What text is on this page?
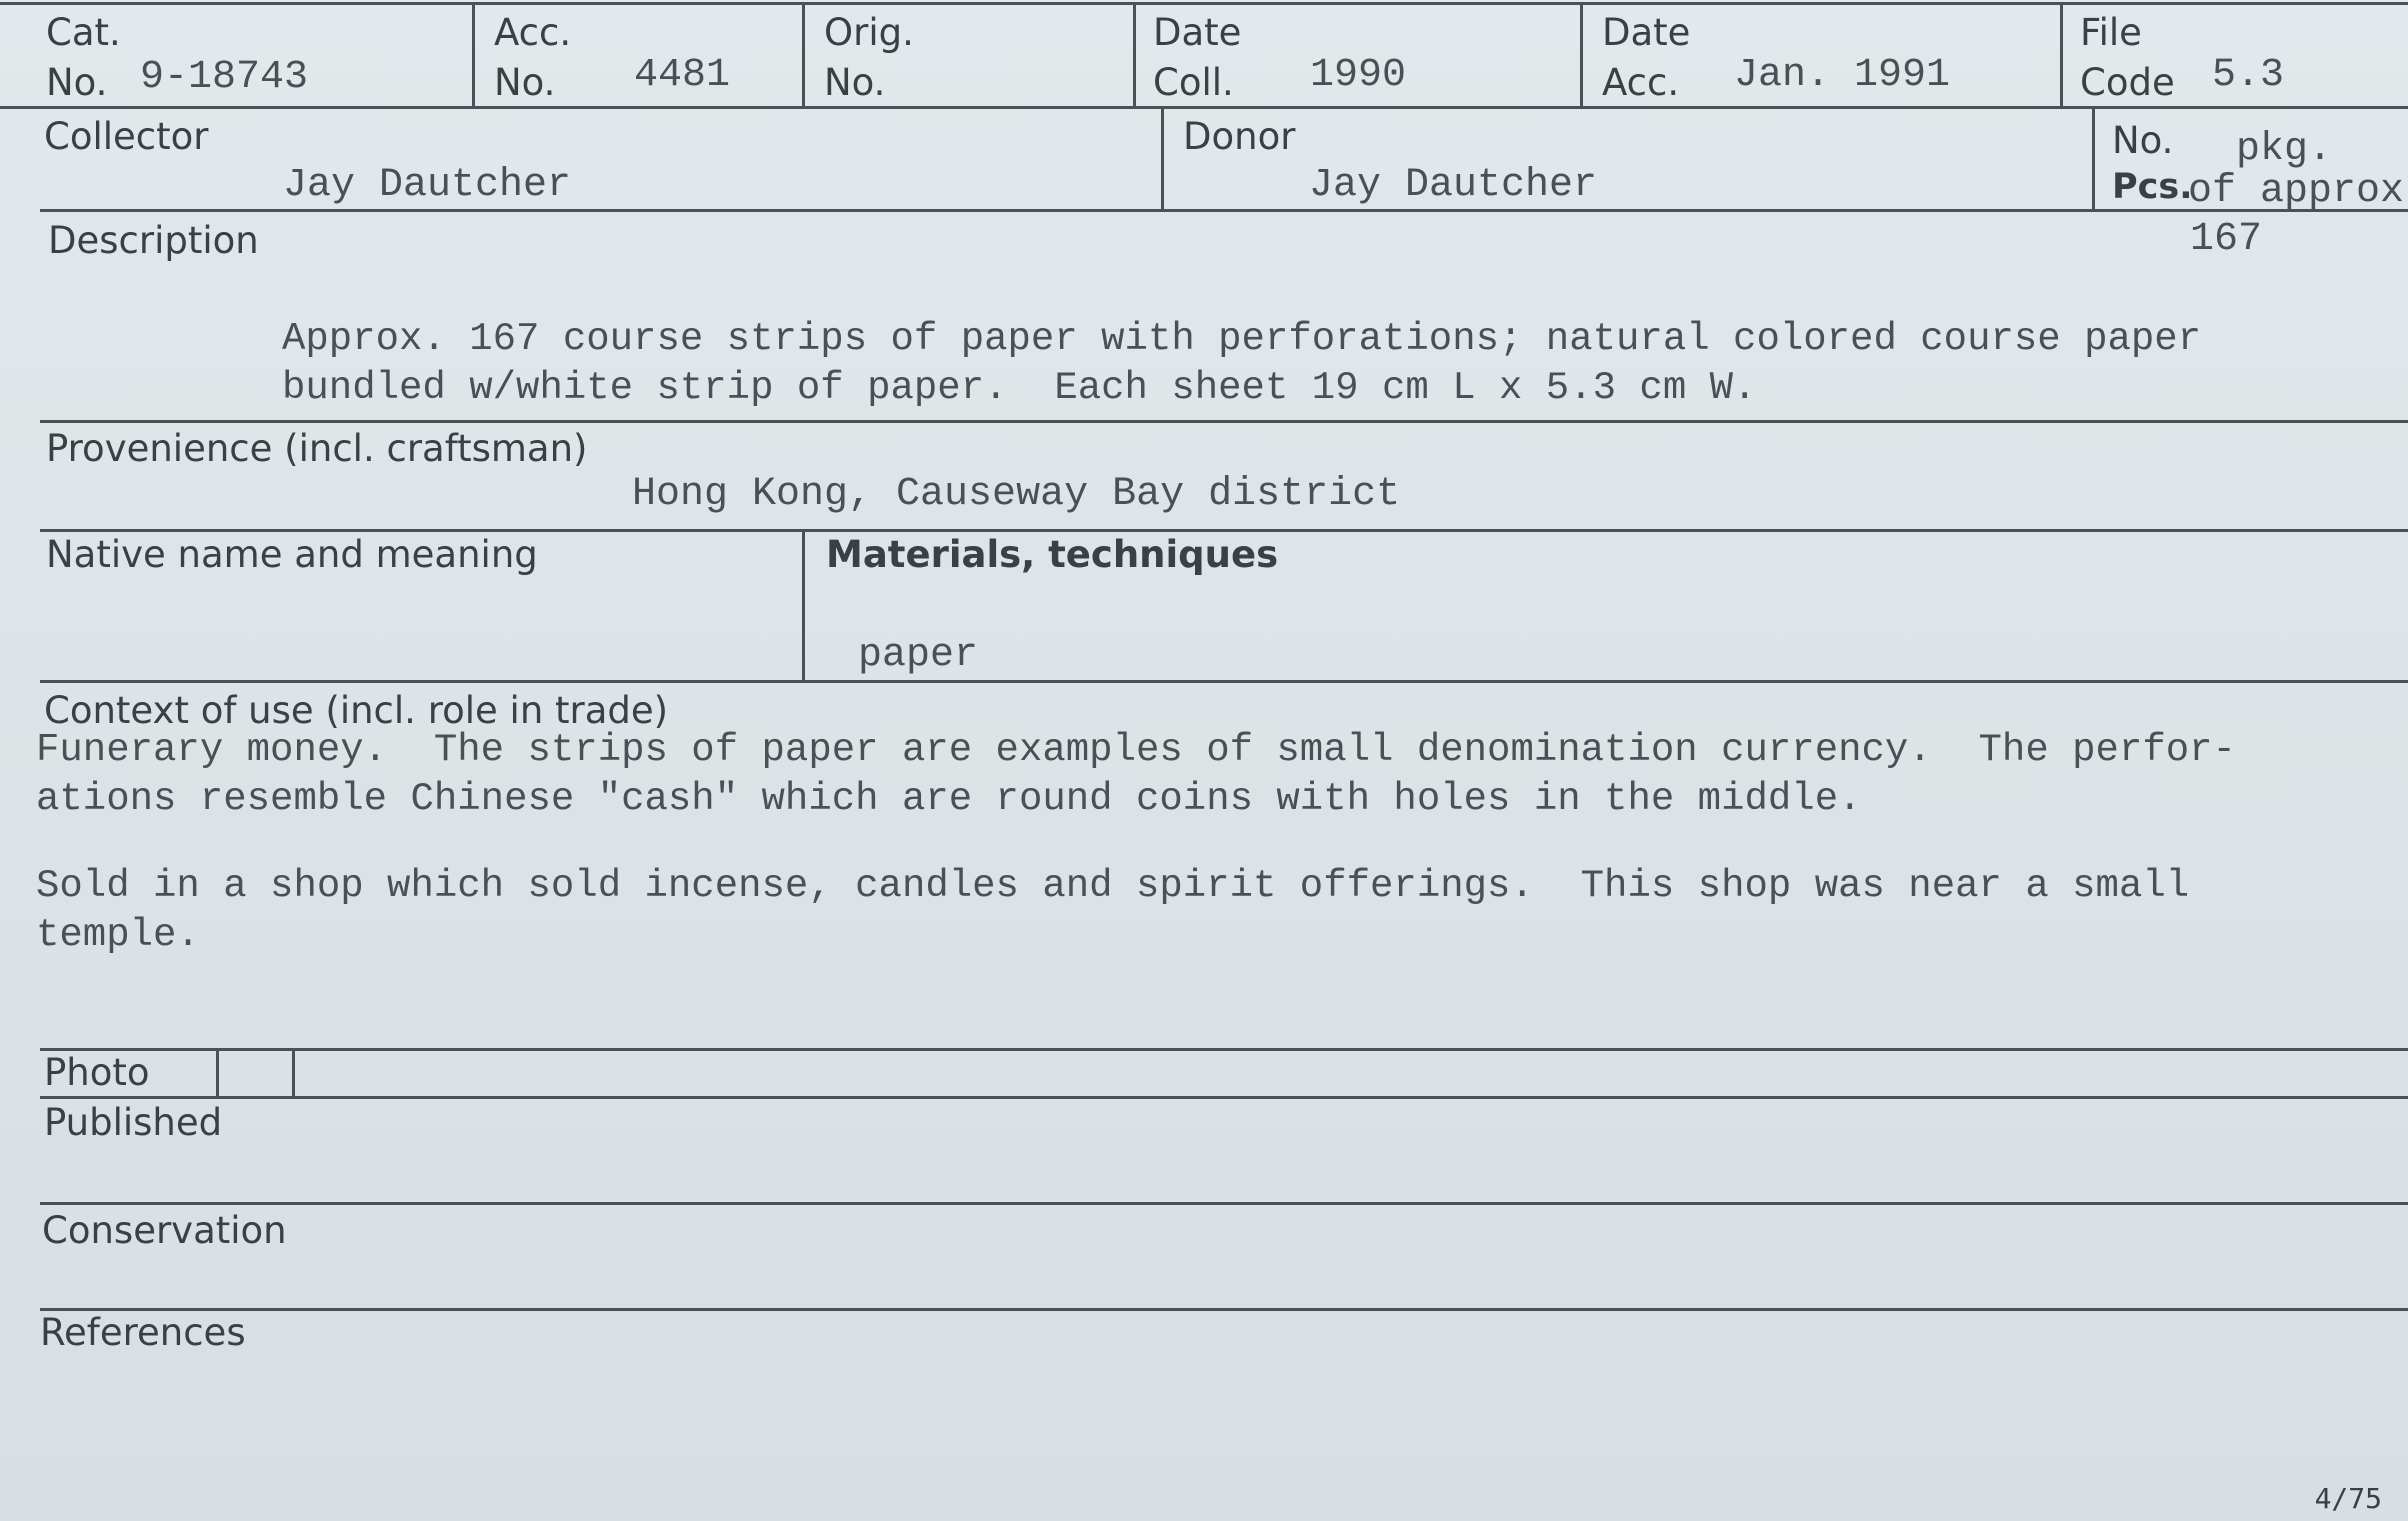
Cat.
No. 9-18743
Acc.
No. 4481
Orig.
No.
Date
Coll. 1990
Date
Acc. Jan. 1991
File
Code 5.3
Collector
Jay Dautcher
Donor
Jay Dautcher
No.
Pcs.
pkg.
of approx
167
Description
Approx. 167 course strips of paper with perforations; natural colored course paper
bundled w/white strip of paper.  Each sheet 19 cm L x 5.3 cm W.
Provenience (incl. craftsman)
Hong Kong, Causeway Bay district
Native name and meaning	Materials, techniques
paper
Context of use (incl. role in trade)
Funerary money.  The strips of paper are examples of small denomination currency.  The perfor-
ations resemble Chinese "cash" which are round coins with holes in the middle.
Sold in a shop which sold incense, candles and spirit offerings.  This shop was near a small
temple.
Photo
Published
Conservation
References
4/75
